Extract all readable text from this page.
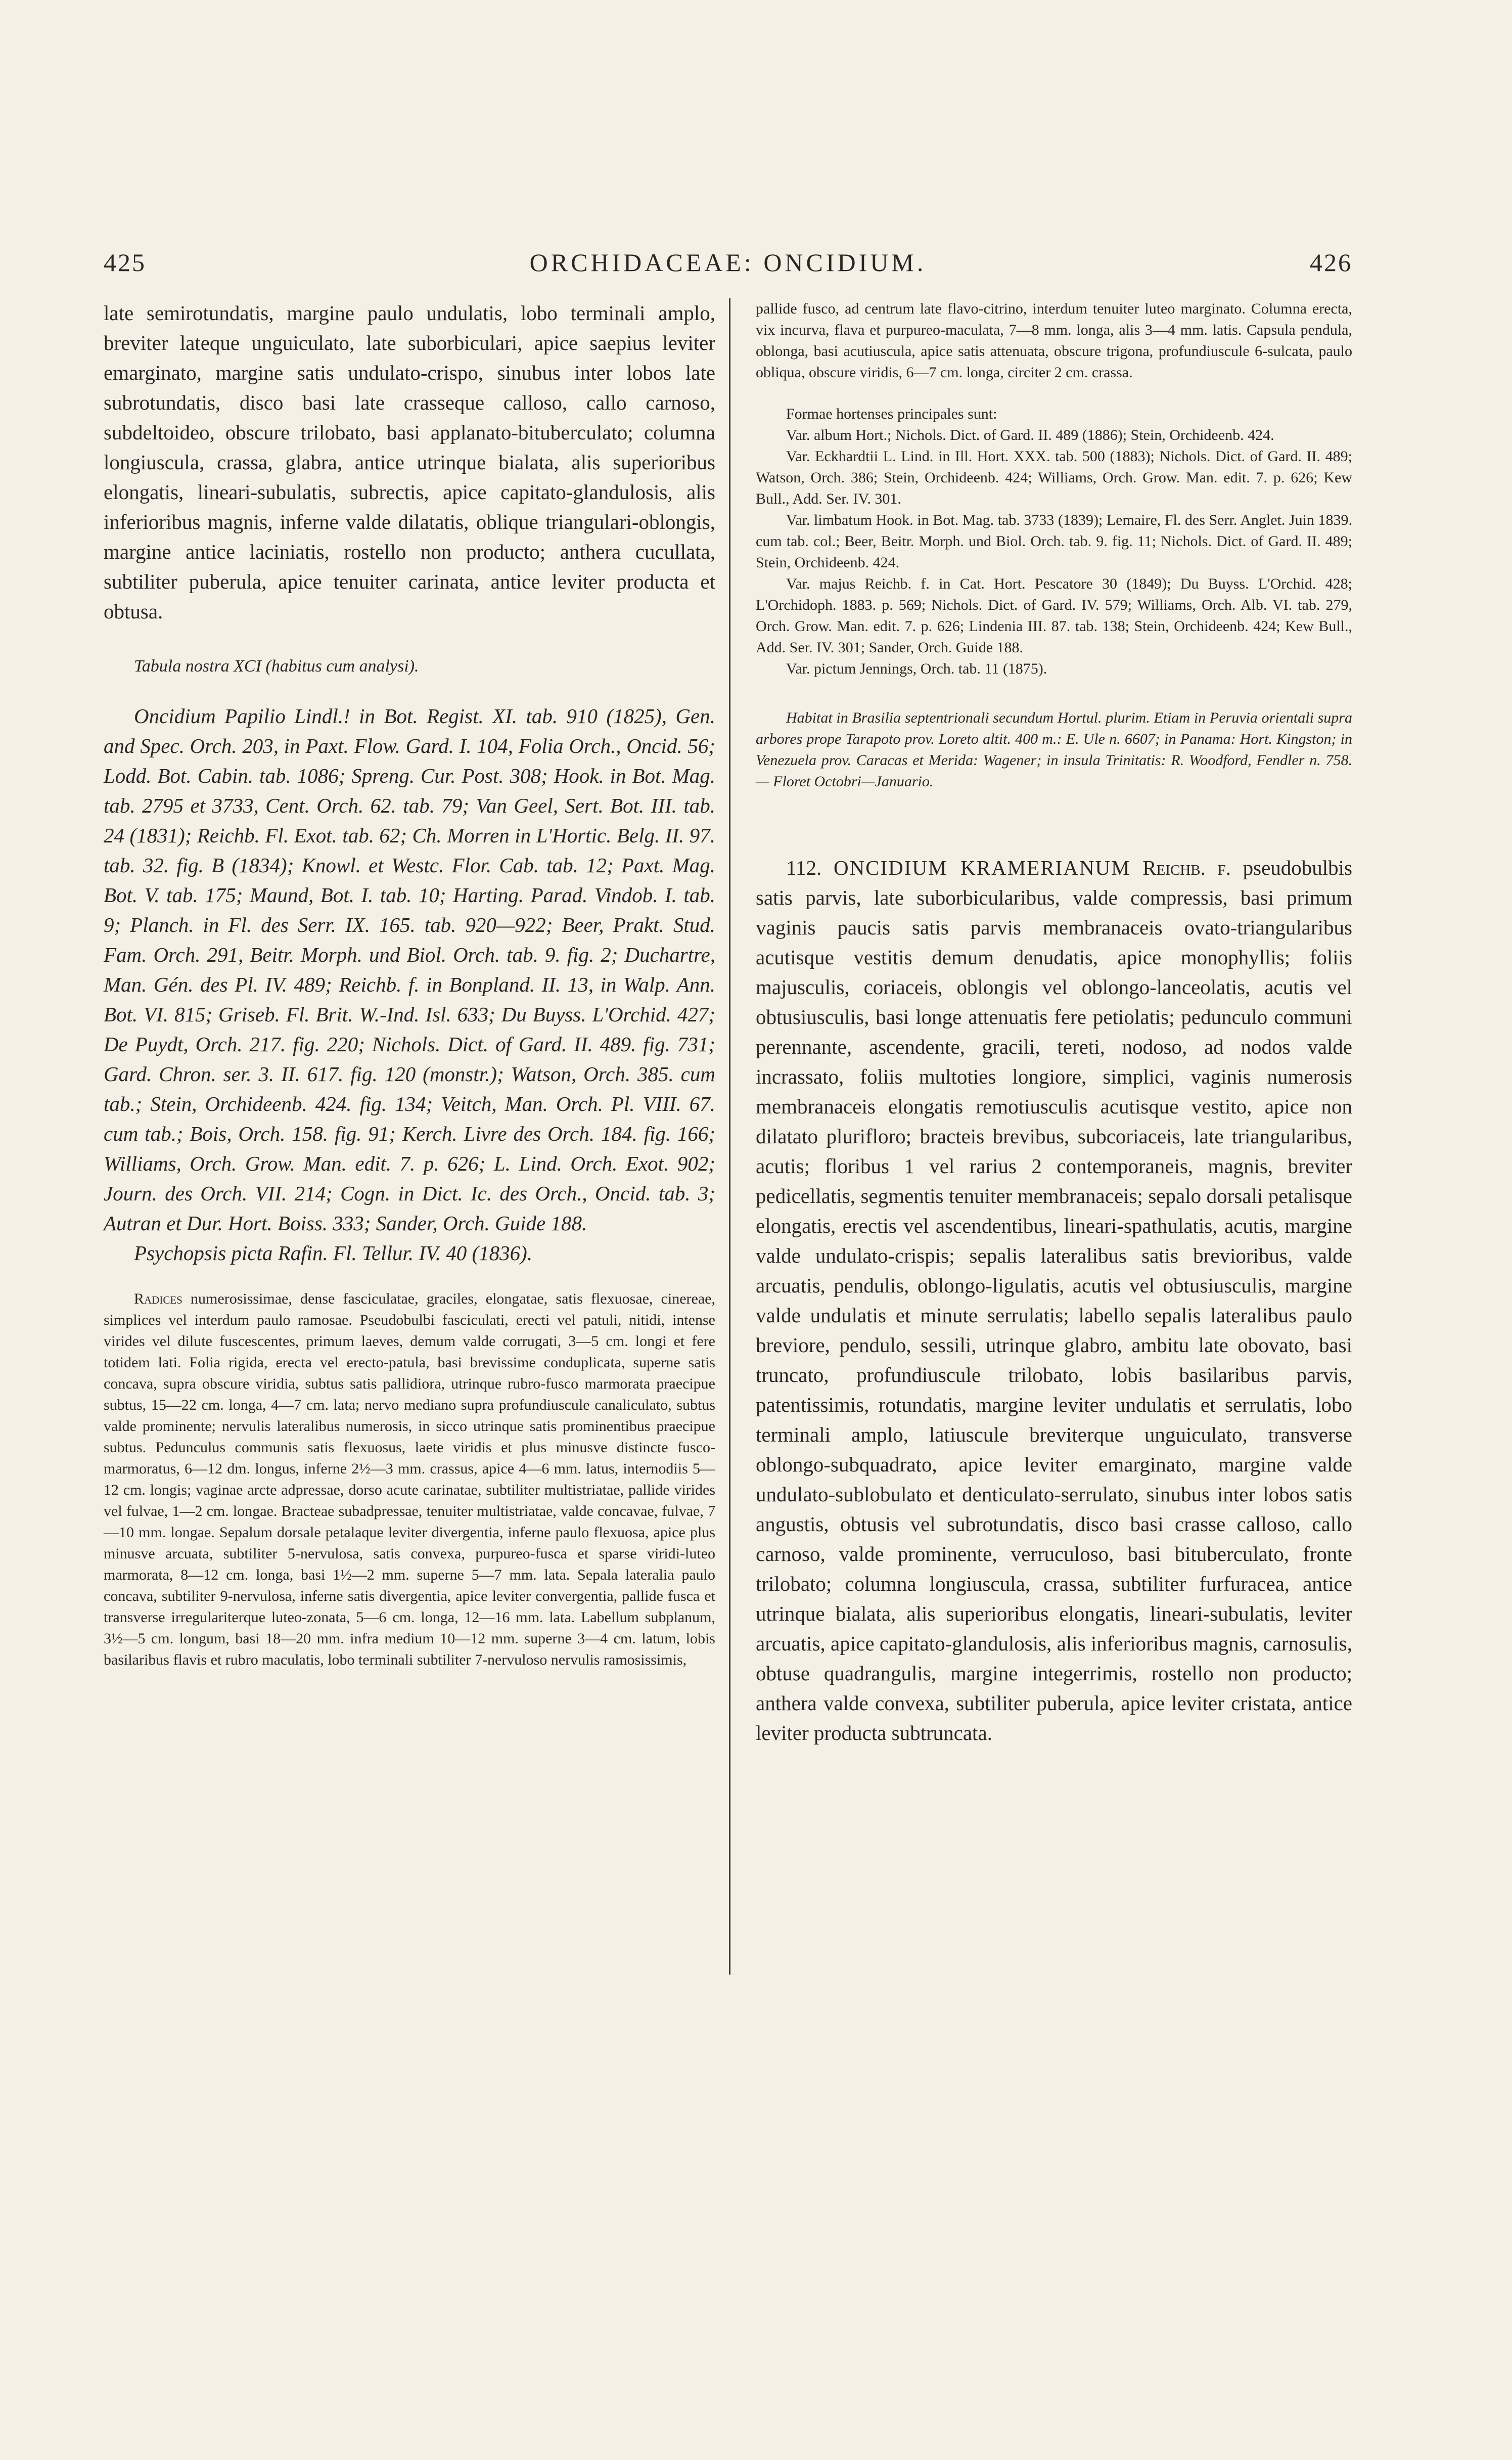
425	ORCHIDACEAE: ONCIDIUM.	426

late semirotundatis, margine paulo undulatis, lobo terminali amplo, breviter lateque unguiculato, late suborbiculari, apice saepius leviter emarginato, margine satis undulato-crispo, sinubus inter lobos late subrotundatis, disco basi late crasseque calloso, callo carnoso, subdeltoideo, obscure trilobato, basi applanato-bituberculato; columna longiuscula, crassa, glabra, antice utrinque bialata, alis superioribus elongatis, lineari-subulatis, subrectis, apice capitato-glandulosis, alis inferioribus magnis, inferne valde dilatatis, oblique triangulari-oblongis, margine antice laciniatis, rostello non producto; anthera cucullata, subtiliter puberula, apice tenuiter carinata, antice leviter producta et obtusa.

Tabula nostra XCI (habitus cum analysi).

Oncidium Papilio Lindl.! in Bot. Regist. XI. tab. 910 (1825), Gen. and Spec. Orch. 203, in Paxt. Flow. Gard. I. 104, Folia Orch., Oncid. 56; Lodd. Bot. Cabin. tab. 1086; Spreng. Cur. Post. 308; Hook. in Bot. Mag. tab. 2795 et 3733, Cent. Orch. 62. tab. 79; Van Geel, Sert. Bot. III. tab. 24 (1831); Reichb. Fl. Exot. tab. 62; Ch. Morren in L'Hortic. Belg. II. 97. tab. 32. fig. B (1834); Knowl. et Westc. Flor. Cab. tab. 12; Paxt. Mag. Bot. V. tab. 175; Maund, Bot. I. tab. 10; Harting. Parad. Vindob. I. tab. 9; Planch. in Fl. des Serr. IX. 165. tab. 920—922; Beer, Prakt. Stud. Fam. Orch. 291, Beitr. Morph. und Biol. Orch. tab. 9. fig. 2; Duchartre, Man. Gén. des Pl. IV. 489; Reichb. f. in Bonpland. II. 13, in Walp. Ann. Bot. VI. 815; Griseb. Fl. Brit. W.-Ind. Isl. 633; Du Buyss. L'Orchid. 427; De Puydt, Orch. 217. fig. 220; Nichols. Dict. of Gard. II. 489. fig. 731; Gard. Chron. ser. 3. II. 617. fig. 120 (monstr.); Watson, Orch. 385. cum tab.; Stein, Orchideenb. 424. fig. 134; Veitch, Man. Orch. Pl. VIII. 67. cum tab.; Bois, Orch. 158. fig. 91; Kerch. Livre des Orch. 184. fig. 166; Williams, Orch. Grow. Man. edit. 7. p. 626; L. Lind. Orch. Exot. 902; Journ. des Orch. VII. 214; Cogn. in Dict. Ic. des Orch., Oncid. tab. 3; Autran et Dur. Hort. Boiss. 333; Sander, Orch. Guide 188.

Psychopsis picta Rafin. Fl. Tellur. IV. 40 (1836).

Radices numerosissimae, dense fasciculatae, graciles, elongatae, satis flexuosae, cinereae, simplices vel interdum paulo ramosae. Pseudobulbi fasciculati, erecti vel patuli, nitidi, intense virides vel dilute fuscescentes, primum laeves, demum valde corrugati, 3—5 cm. longi et fere totidem lati. Folia rigida, erecta vel erecto-patula, basi brevissime conduplicata, superne satis concava, supra obscure viridia, subtus satis pallidiora, utrinque rubro-fusco marmorata praecipue subtus, 15—22 cm. longa, 4—7 cm. lata; nervo mediano supra profundiuscule canaliculato, subtus valde prominente; nervulis lateralibus numerosis, in sicco utrinque satis prominentibus praecipue subtus. Pedunculus communis satis flexuosus, laete viridis et plus minusve distincte fusco-marmoratus, 6—12 dm. longus, inferne 2½—3 mm. crassus, apice 4—6 mm. latus, internodiis 5—12 cm. longis; vaginae arcte adpressae, dorso acute carinatae, subtiliter multistriatae, pallide virides vel fulvae, 1—2 cm. longae. Bracteae subadpressae, tenuiter multistriatae, valde concavae, fulvae, 7—10 mm. longae. Sepalum dorsale petalaque leviter divergentia, inferne paulo flexuosa, apice plus minusve arcuata, subtiliter 5-nervulosa, satis convexa, purpureo-fusca et sparse viridi-luteo marmorata, 8—12 cm. longa, basi 1½—2 mm. superne 5—7 mm. lata. Sepala lateralia paulo concava, subtiliter 9-nervulosa, inferne satis divergentia, apice leviter convergentia, pallide fusca et transverse irregulariterque luteo-zonata, 5—6 cm. longa, 12—16 mm. lata. Labellum subplanum, 3½—5 cm. longum, basi 18—20 mm. infra medium 10—12 mm. superne 3—4 cm. latum, lobis basilaribus flavis et rubro maculatis, lobo terminali subtiliter 7-nervuloso nervulis ramosissimis,

pallide fusco, ad centrum late flavo-citrino, interdum tenuiter luteo marginato. Columna erecta, vix incurva, flava et purpureo-maculata, 7—8 mm. longa, alis 3—4 mm. latis. Capsula pendula, oblonga, basi acutiuscula, apice satis attenuata, obscure trigona, profundiuscule 6-sulcata, paulo obliqua, obscure viridis, 6—7 cm. longa, circiter 2 cm. crassa.

Formae hortenses principales sunt:

Var. album Hort.; Nichols. Dict. of Gard. II. 489 (1886); Stein, Orchideenb. 424.

Var. Eckhardtii L. Lind. in Ill. Hort. XXX. tab. 500 (1883); Nichols. Dict. of Gard. II. 489; Watson, Orch. 386; Stein, Orchideenb. 424; Williams, Orch. Grow. Man. edit. 7. p. 626; Kew Bull., Add. Ser. IV. 301.

Var. limbatum Hook. in Bot. Mag. tab. 3733 (1839); Lemaire, Fl. des Serr. Anglet. Juin 1839. cum tab. col.; Beer, Beitr. Morph. und Biol. Orch. tab. 9. fig. 11; Nichols. Dict. of Gard. II. 489; Stein, Orchideenb. 424.

Var. majus Reichb. f. in Cat. Hort. Pescatore 30 (1849); Du Buyss. L'Orchid. 428; L'Orchidoph. 1883. p. 569; Nichols. Dict. of Gard. IV. 579; Williams, Orch. Alb. VI. tab. 279, Orch. Grow. Man. edit. 7. p. 626; Lindenia III. 87. tab. 138; Stein, Orchideenb. 424; Kew Bull., Add. Ser. IV. 301; Sander, Orch. Guide 188.

Var. pictum Jennings, Orch. tab. 11 (1875).

Habitat in Brasilia septentrionali secundum Hortul. plurim. Etiam in Peruvia orientali supra arbores prope Tarapoto prov. Loreto altit. 400 m.: E. Ule n. 6607; in Panama: Hort. Kingston; in Venezuela prov. Caracas et Merida: Wagener; in insula Trinitatis: R. Woodford, Fendler n. 758. — Floret Octobri—Januario.

112. ONCIDIUM KRAMERIANUM Reichb. f. pseudobulbis satis parvis, late suborbicularibus, valde compressis, basi primum vaginis paucis satis parvis membranaceis ovato-triangularibus acutisque vestitis demum denudatis, apice monophyllis; foliis majusculis, coriaceis, oblongis vel oblongo-lanceolatis, acutis vel obtusiusculis, basi longe attenuatis fere petiolatis; pedunculo communi perennante, ascendente, gracili, tereti, nodoso, ad nodos valde incrassato, foliis multoties longiore, simplici, vaginis numerosis membranaceis elongatis remotiusculis acutisque vestito, apice non dilatato plurifloro; bracteis brevibus, subcoriaceis, late triangularibus, acutis; floribus 1 vel rarius 2 contemporaneis, magnis, breviter pedicellatis, segmentis tenuiter membranaceis; sepalo dorsali petalisque elongatis, erectis vel ascendentibus, lineari-spathulatis, acutis, margine valde undulato-crispis; sepalis lateralibus satis brevioribus, valde arcuatis, pendulis, oblongo-ligulatis, acutis vel obtusiusculis, margine valde undulatis et minute serrulatis; labello sepalis lateralibus paulo breviore, pendulo, sessili, utrinque glabro, ambitu late obovato, basi truncato, profundiuscule trilobato, lobis basilaribus parvis, patentissimis, rotundatis, margine leviter undulatis et serrulatis, lobo terminali amplo, latiuscule breviterque unguiculato, transverse oblongo-subquadrato, apice leviter emarginato, margine valde undulato-sublobulato et denticulato-serrulato, sinubus inter lobos satis angustis, obtusis vel subrotundatis, disco basi crasse calloso, callo carnoso, valde prominente, verruculoso, basi bituberculato, fronte trilobato; columna longiuscula, crassa, subtiliter furfuracea, antice utrinque bialata, alis superioribus elongatis, lineari-subulatis, leviter arcuatis, apice capitato-glandulosis, alis inferioribus magnis, carnosulis, obtuse quadrangulis, margine integerrimis, rostello non producto; anthera valde convexa, subtiliter puberula, apice leviter cristata, antice leviter producta subtruncata.
